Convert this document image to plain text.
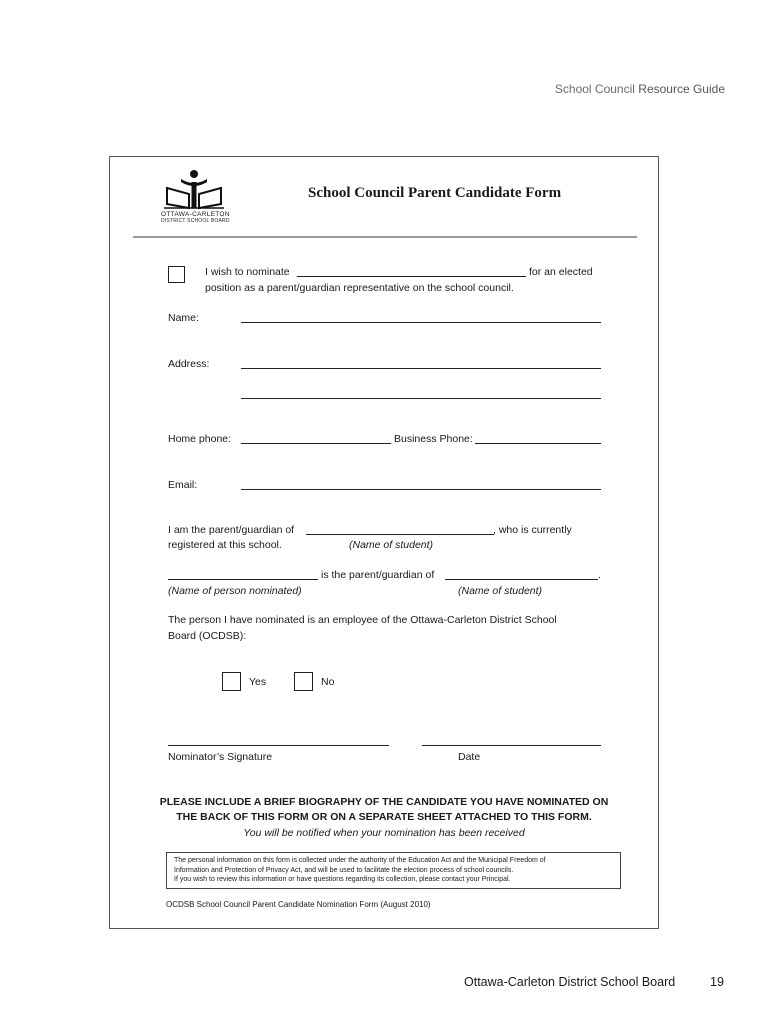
School Council Resource Guide
OTTAWA-CARLETON
DISTRICT SCHOOL BOARD
School Council Parent Candidate Form
I wish to nominate	for an elected
position as a parent/guardian representative on the school council.
Name:
Address:
Home phone:	Business Phone:
Email:
I am the parent/guardian of	, who is currently
registered at this school.	(Name of student)
is the parent/guardian of	.
(Name of person nominated)	(Name of student)
The person I have nominated is an employee of the Ottawa-Carleton District School
Board (OCDSB):
Yes	No
Nominator’s Signature	Date
PLEASE INCLUDE A BRIEF BIOGRAPHY OF THE CANDIDATE YOU HAVE NOMINATED ON
THE BACK OF THIS FORM OR ON A SEPARATE SHEET ATTACHED TO THIS FORM.
You will be notified when your nomination has been received
The personal information on this form is collected under the authority of the Education Act and the Municipal Freedom of
Information and Protection of Privacy Act, and will be used to facilitate the election process of school councils.
If you wish to review this information or have questions regarding its collection, please contact your Principal.
OCDSB School Council Parent Candidate Nomination Form (August 2010)
Ottawa-Carleton District School Board	19
